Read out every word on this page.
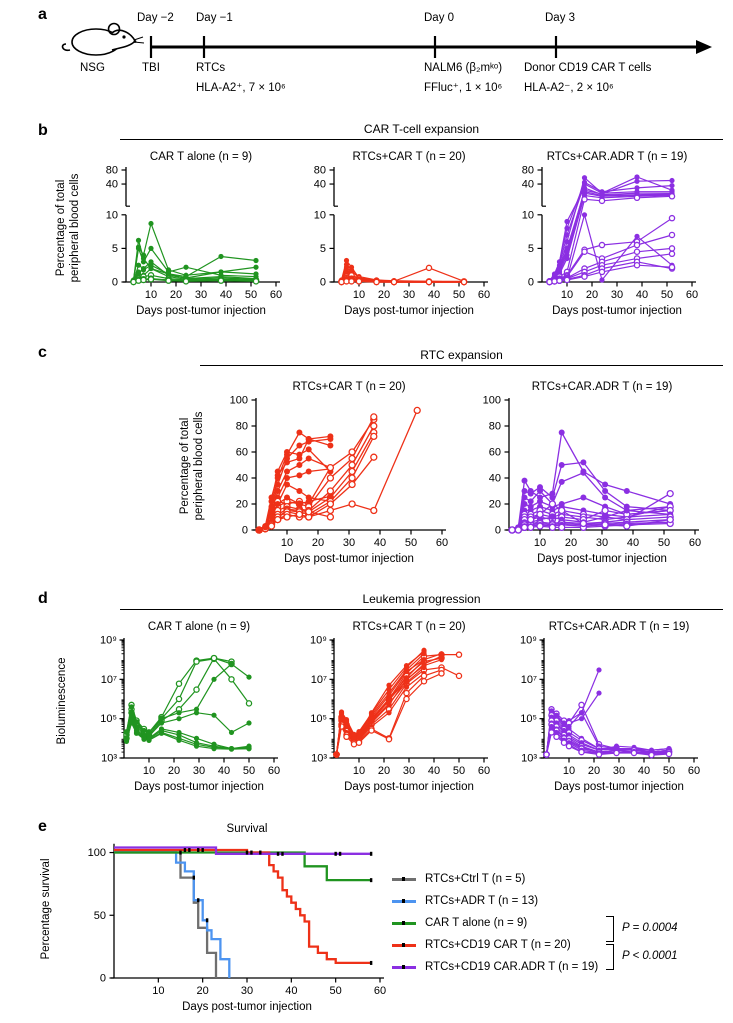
a	Day −2 Day −1	Day 0	Day 3
NSG	TBI	RTCs
HLA-A2⁺, 7 × 10⁶
NALM6 (β₂mᵏᵒ)
FFluc⁺, 1 × 10⁶
Donor CD19 CAR T cells
HLA-A2⁻, 2 × 10⁶
b	CAR T-cell expansion
Percentage of total peripheral blood cells
CAR T alone (n = 9)
10 20 30 40 50 60
Days post-tumor injection
0
5
10
40
80
RTCs+CAR T (n = 20)
10 20 30 40 50 60
Days post-tumor injection
0
5
10
40
80
RTCs+CAR.ADR T (n = 19)
10 20 30 40 50 60
Days post-tumor injection
0
5
10
40
80
c	RTC expansion
Percentage of total peripheral blood cells
RTCs+CAR T (n = 20)
10 20 30 40 50 60
Days post-tumor injection
0
20
40
60
80
100
RTCs+CAR.ADR T (n = 19)
10 20 30 40 50 60
Days post-tumor injection
0
20
40
60
80
100
d	Leukemia progression
Bioluminescence
CAR T alone (n = 9)
10 20 30 40 50 60
Days post-tumor injection
10³
10⁵
10⁷
10⁹
RTCs+CAR T (n = 20)
10 20 30 40 50 60
Days post-tumor injection
10³
10⁵
10⁷
10⁹
RTCs+CAR.ADR T (n = 19)
10 20 30 40 50 60
Days post-tumor injection
10³
10⁵
10⁷
10⁹
e
Percentage survival
Survival
10	20	30	40	50	60
Days post-tumor injection
0
50
100
RTCs+Ctrl T (n = 5)
RTCs+ADR T (n = 13)
CAR T alone (n = 9)
RTCs+CD19 CAR T (n = 20)
RTCs+CD19 CAR.ADR T (n = 19)
P = 0.0004
P < 0.0001
